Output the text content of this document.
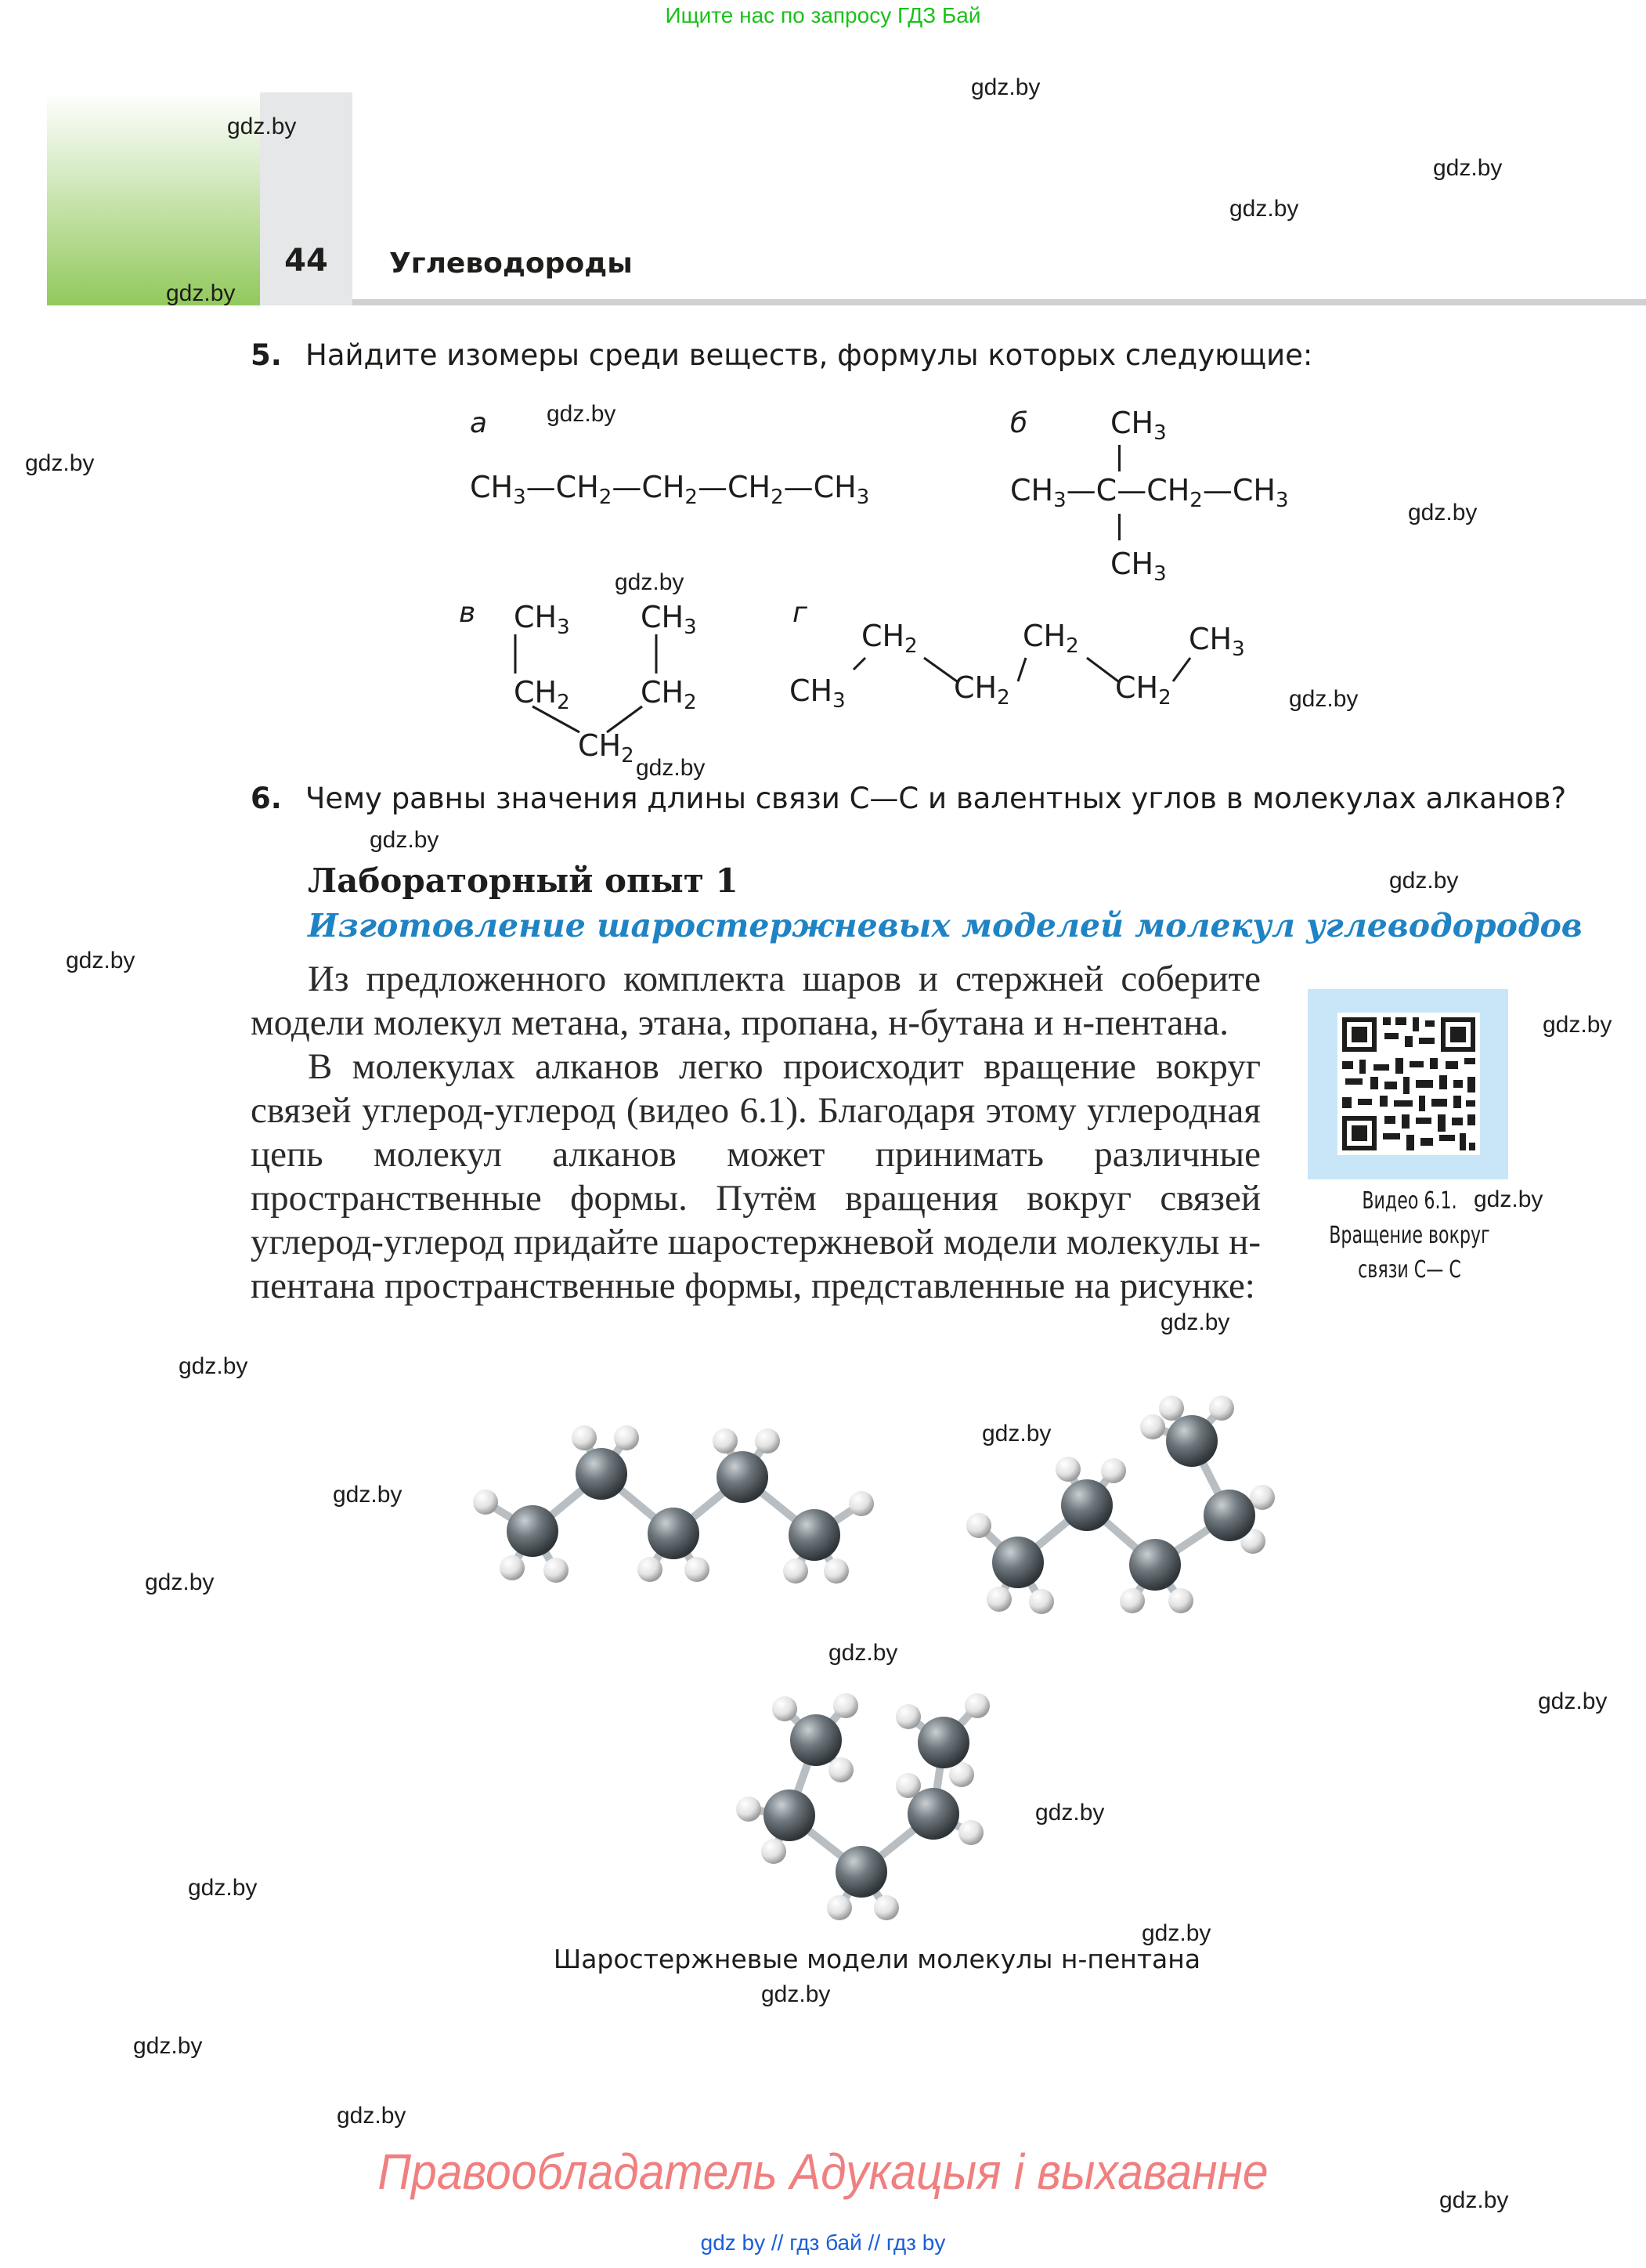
Ищите нас по запросу ГДЗ Бай
44	Углеводороды
5. Найдите изомеры среди веществ, формулы которых следующие:
а
$CH_3—CH_2—CH_2—CH_2—CH_3$
б	$CH_3$
$CH_3—C—CH_2—CH_3$
$CH_3$
в $CH_3$ $CH_3$
$CH_2$ $CH_2$
$CH_2$
г
$CH_3$
$CH_2$
$CH_2$
$CH_2$
$CH_2$
$CH_3$
6. Чему равны значения длины связи С—С и валентных углов в молекулах алканов?
Лабораторный опыт 1
Изготовление шаростержневых моделей молекул углеводородов

Из предложенного комплекта шаров и стержней соберите модели молекул метана, этана, пропана, н-бутана и н-пентана.

В молекулах алканов легко происходит вращение вокруг связей углерод-углерод (видео 6.1). Благодаря этому углеродная цепь молекул алканов может принимать различные пространственные формы. Путём вращения вокруг связей углерод-углерод придайте шаростержневой модели молекулы н-пентана пространственные формы, представленные на рисунке:

Видео 6.1.
Вращение вокруг
связи С— С
Шаростержневые модели молекулы н-пентана
gdz.by
gdz.by
gdz.by
gdz.by
gdz.by
gdz.by
gdz.by
gdz.by
gdz.by
gdz.by
gdz.by
gdz.by
gdz.by
gdz.by
gdz.by
gdz.by
gdz.by
gdz.by
gdz.by
gdz.by
gdz.by
gdz.by
gdz.by
gdz.by
gdz.by
gdz.by
gdz.by
gdz.by
gdz.by
gdz.by
Правообладатель Адукацыя і выхаванне
gdz by // гдз бай // гдз by
